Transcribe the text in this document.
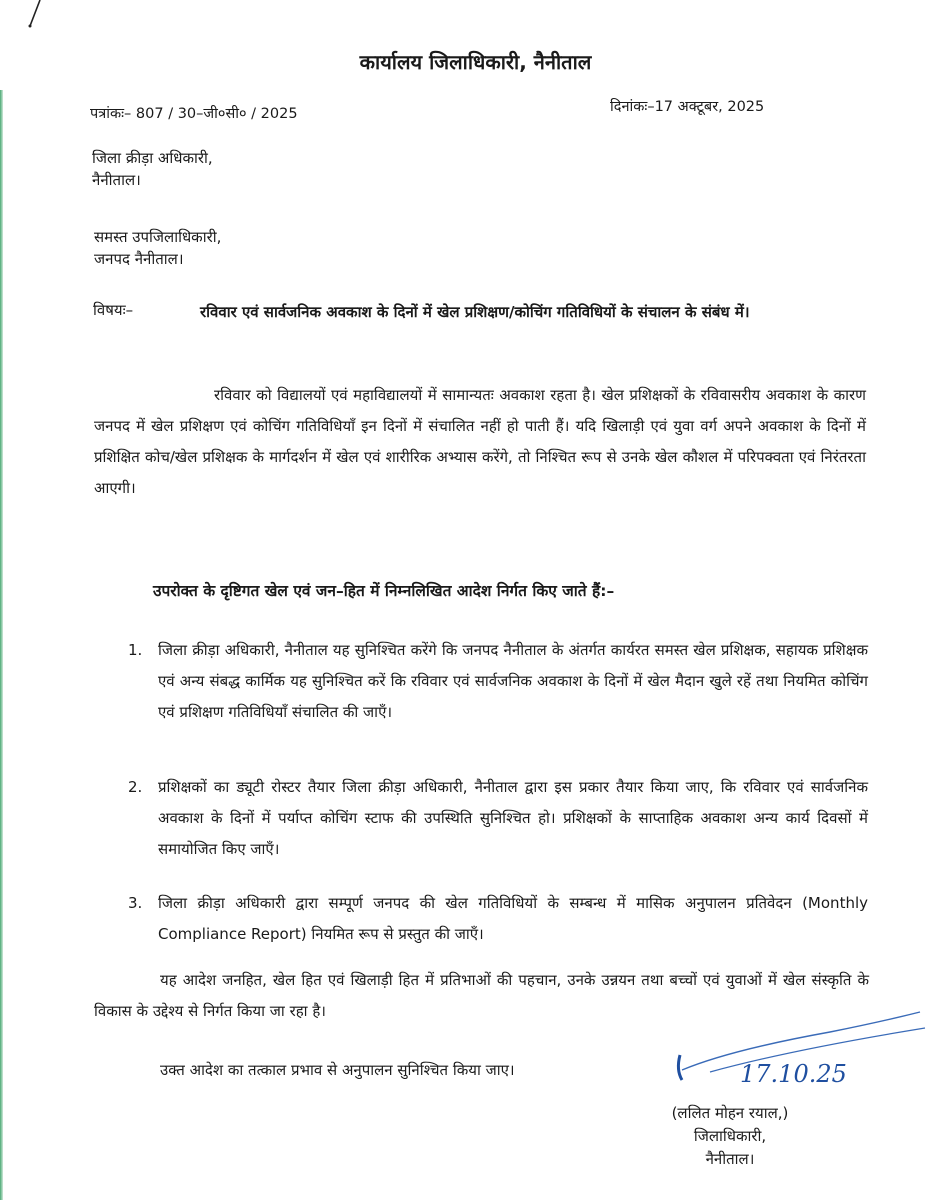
कार्यालय जिलाधिकारी, नैनीताल
पत्रांकः– 807 / 30–जी०सी० / 2025	दिनांकः–17 अक्टूबर, 2025
जिला क्रीड़ा अधिकारी,
नैनीताल।
समस्त उपजिलाधिकारी,
जनपद नैनीताल।
विषयः–	रविवार एवं सार्वजनिक अवकाश के दिनों में खेल प्रशिक्षण/कोचिंग गतिविधियों के संचालन के संबंध में।
रविवार को विद्यालयों एवं महाविद्यालयों में सामान्यतः अवकाश रहता है। खेल प्रशिक्षकों के रविवासरीय अवकाश के कारण जनपद में खेल प्रशिक्षण एवं कोचिंग गतिविधियाँ इन दिनों में संचालित नहीं हो पाती हैं। यदि खिलाड़ी एवं युवा वर्ग अपने अवकाश के दिनों में प्रशिक्षित कोच/खेल प्रशिक्षक के मार्गदर्शन में खेल एवं शारीरिक अभ्यास करेंगे, तो निश्चित रूप से उनके खेल कौशल में परिपक्वता एवं निरंतरता आएगी।
उपरोक्त के दृष्टिगत खेल एवं जन–हित में निम्नलिखित आदेश निर्गत किए जाते हैं:–
1.	जिला क्रीड़ा अधिकारी, नैनीताल यह सुनिश्चित करेंगे कि जनपद नैनीताल के अंतर्गत कार्यरत समस्त खेल प्रशिक्षक, सहायक प्रशिक्षक एवं अन्य संबद्ध कार्मिक यह सुनिश्चित करें कि रविवार एवं सार्वजनिक अवकाश के दिनों में खेल मैदान खुले रहें तथा नियमित कोचिंग एवं प्रशिक्षण गतिविधियाँ संचालित की जाएँ।
2.	प्रशिक्षकों का ड्यूटी रोस्टर तैयार जिला क्रीड़ा अधिकारी, नैनीताल द्वारा इस प्रकार तैयार किया जाए, कि रविवार एवं सार्वजनिक अवकाश के दिनों में पर्याप्त कोचिंग स्टाफ की उपस्थिति सुनिश्चित हो। प्रशिक्षकों के साप्ताहिक अवकाश अन्य कार्य दिवसों में समायोजित किए जाएँ।
3.	जिला क्रीड़ा अधिकारी द्वारा सम्पूर्ण जनपद की खेल गतिविधियों के सम्बन्ध में मासिक अनुपालन प्रतिवेदन (Monthly Compliance Report) नियमित रूप से प्रस्तुत की जाएँ।
यह आदेश जनहित, खेल हित एवं खिलाड़ी हित में प्रतिभाओं की पहचान, उनके उन्नयन तथा बच्चों एवं युवाओं में खेल संस्कृति के विकास के उद्देश्य से निर्गत किया जा रहा है।
उक्त आदेश का तत्काल प्रभाव से अनुपालन सुनिश्चित किया जाए।	17.10.25
(ललित मोहन रयाल,)
जिलाधिकारी,
नैनीताल।
